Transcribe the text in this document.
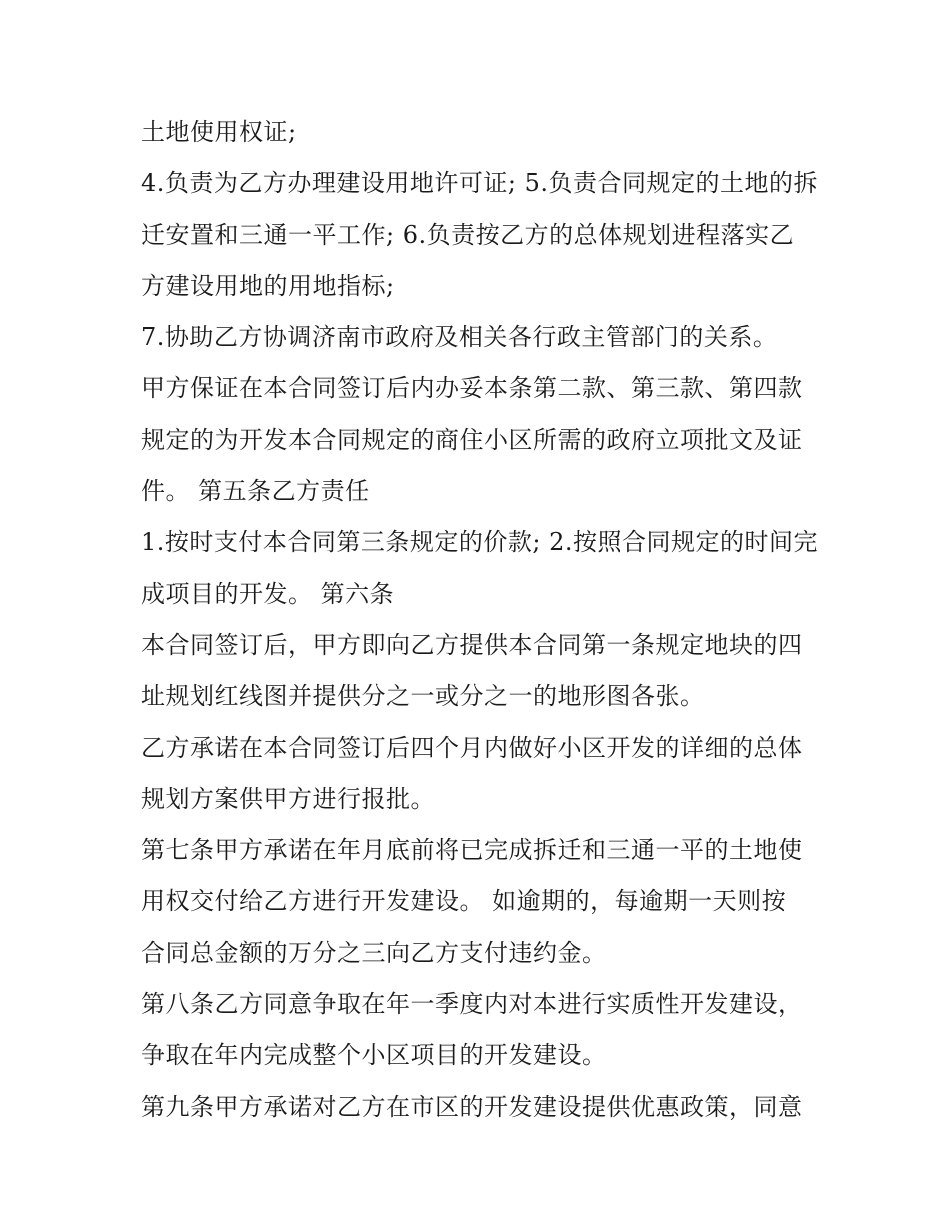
土地使用权证;
4.负责为乙方办理建设用地许可证; 5.负责合同规定的土地的拆
迁安置和三通一平工作; 6.负责按乙方的总体规划进程落实乙
方建设用地的用地指标;
7.协助乙方协调济南市政府及相关各行政主管部门的关系。
甲方保证在本合同签订后内办妥本条第二款、第三款、第四款
规定的为开发本合同规定的商住小区所需的政府立项批文及证
件。 第五条乙方责任
1.按时支付本合同第三条规定的价款; 2.按照合同规定的时间完
成项目的开发。 第六条
本合同签订后，甲方即向乙方提供本合同第一条规定地块的四
址规划红线图并提供分之一或分之一的地形图各张。
乙方承诺在本合同签订后四个月内做好小区开发的详细的总体
规划方案供甲方进行报批。
第七条甲方承诺在年月底前将已完成拆迁和三通一平的土地使
用权交付给乙方进行开发建设。 如逾期的，每逾期一天则按
合同总金额的万分之三向乙方支付违约金。
第八条乙方同意争取在年一季度内对本进行实质性开发建设，
争取在年内完成整个小区项目的开发建设。
第九条甲方承诺对乙方在市区的开发建设提供优惠政策，同意
